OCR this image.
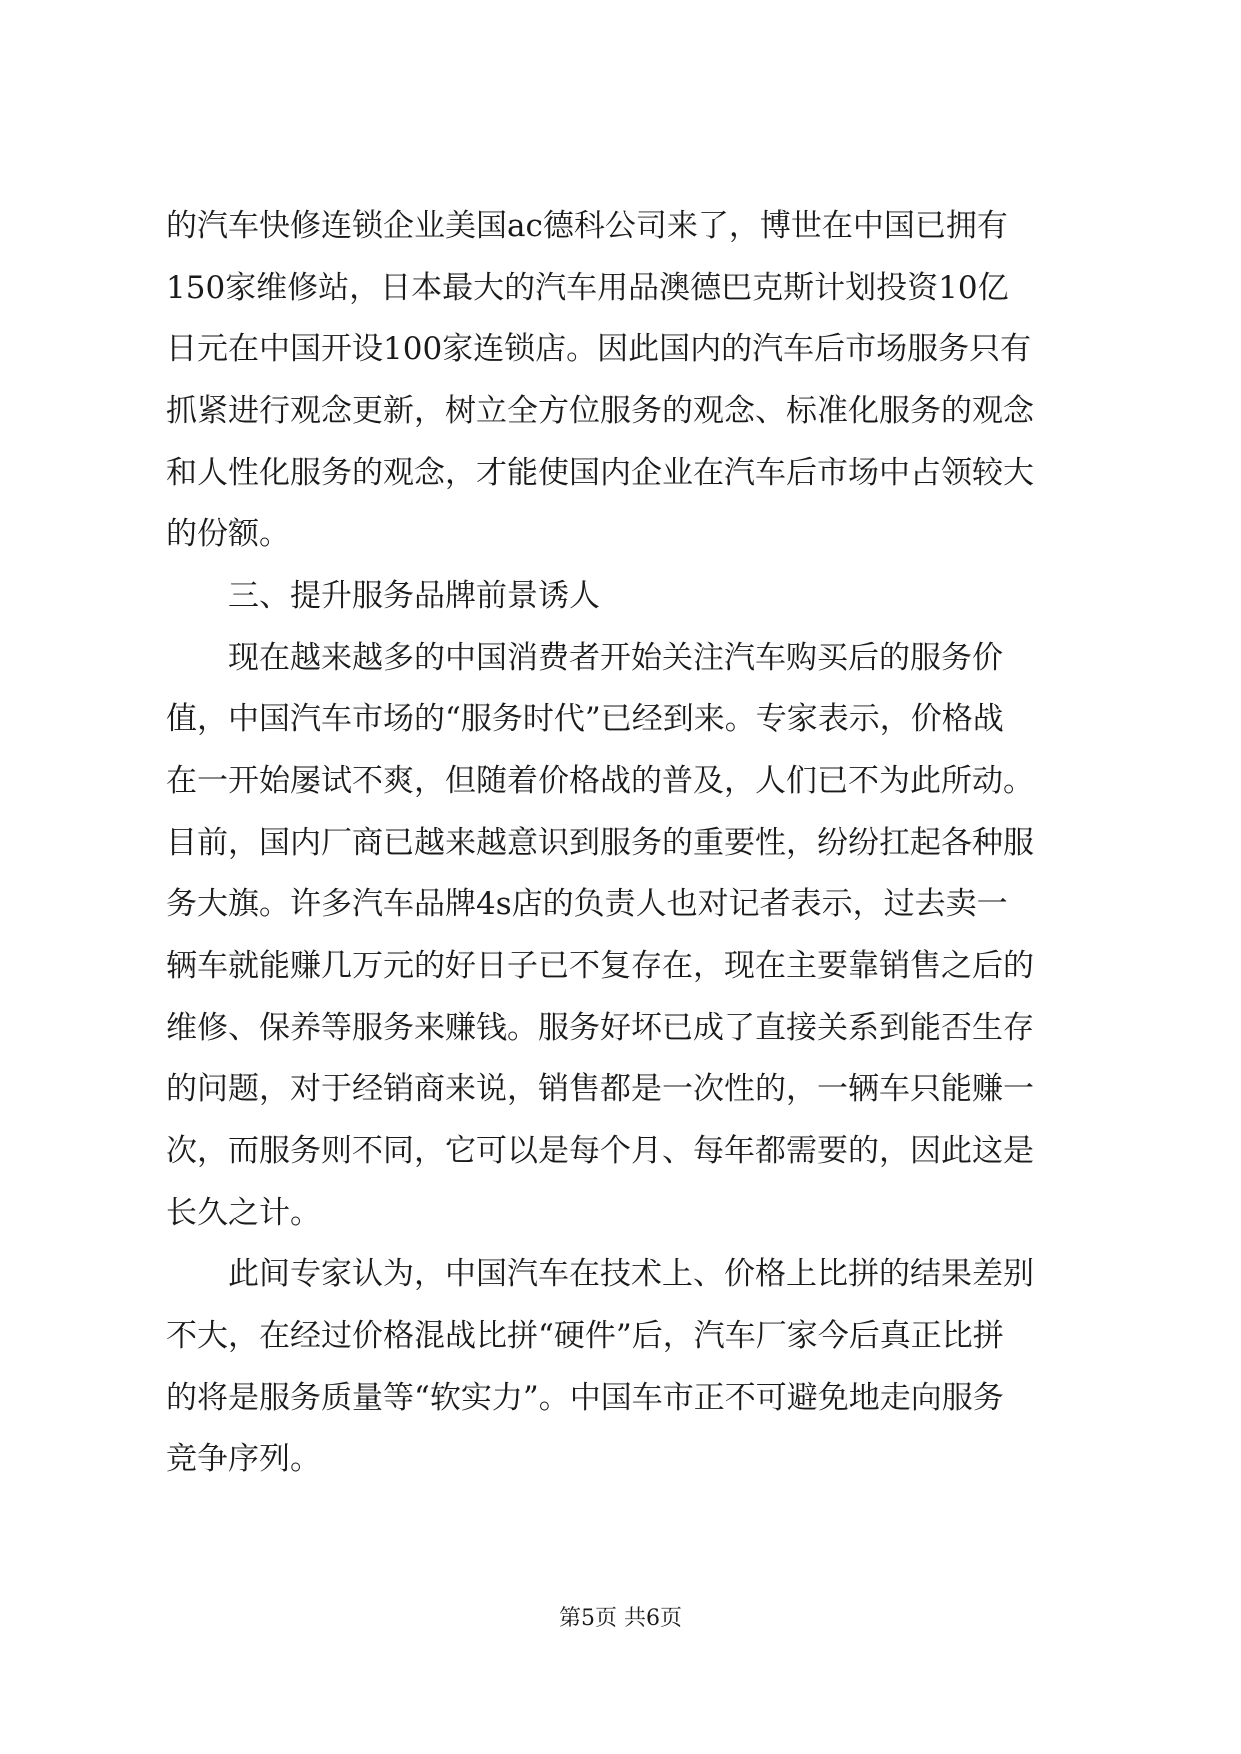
的汽车快修连锁企业美国ac德科公司来了，博世在中国已拥有
150家维修站，日本最大的汽车用品澳德巴克斯计划投资10亿
日元在中国开设100家连锁店。因此国内的汽车后市场服务只有
抓紧进行观念更新，树立全方位服务的观念、标准化服务的观念
和人性化服务的观念，才能使国内企业在汽车后市场中占领较大
的份额。
三、提升服务品牌前景诱人
现在越来越多的中国消费者开始关注汽车购买后的服务价
值，中国汽车市场的“服务时代”已经到来。专家表示，价格战
在一开始屡试不爽，但随着价格战的普及，人们已不为此所动。
目前，国内厂商已越来越意识到服务的重要性，纷纷扛起各种服
务大旗。许多汽车品牌4s店的负责人也对记者表示，过去卖一
辆车就能赚几万元的好日子已不复存在，现在主要靠销售之后的
维修、保养等服务来赚钱。服务好坏已成了直接关系到能否生存
的问题，对于经销商来说，销售都是一次性的，一辆车只能赚一
次，而服务则不同，它可以是每个月、每年都需要的，因此这是
长久之计。
此间专家认为，中国汽车在技术上、价格上比拼的结果差别
不大，在经过价格混战比拼“硬件”后，汽车厂家今后真正比拼
的将是服务质量等“软实力”。中国车市正不可避免地走向服务
竞争序列。
第5页 共6页
